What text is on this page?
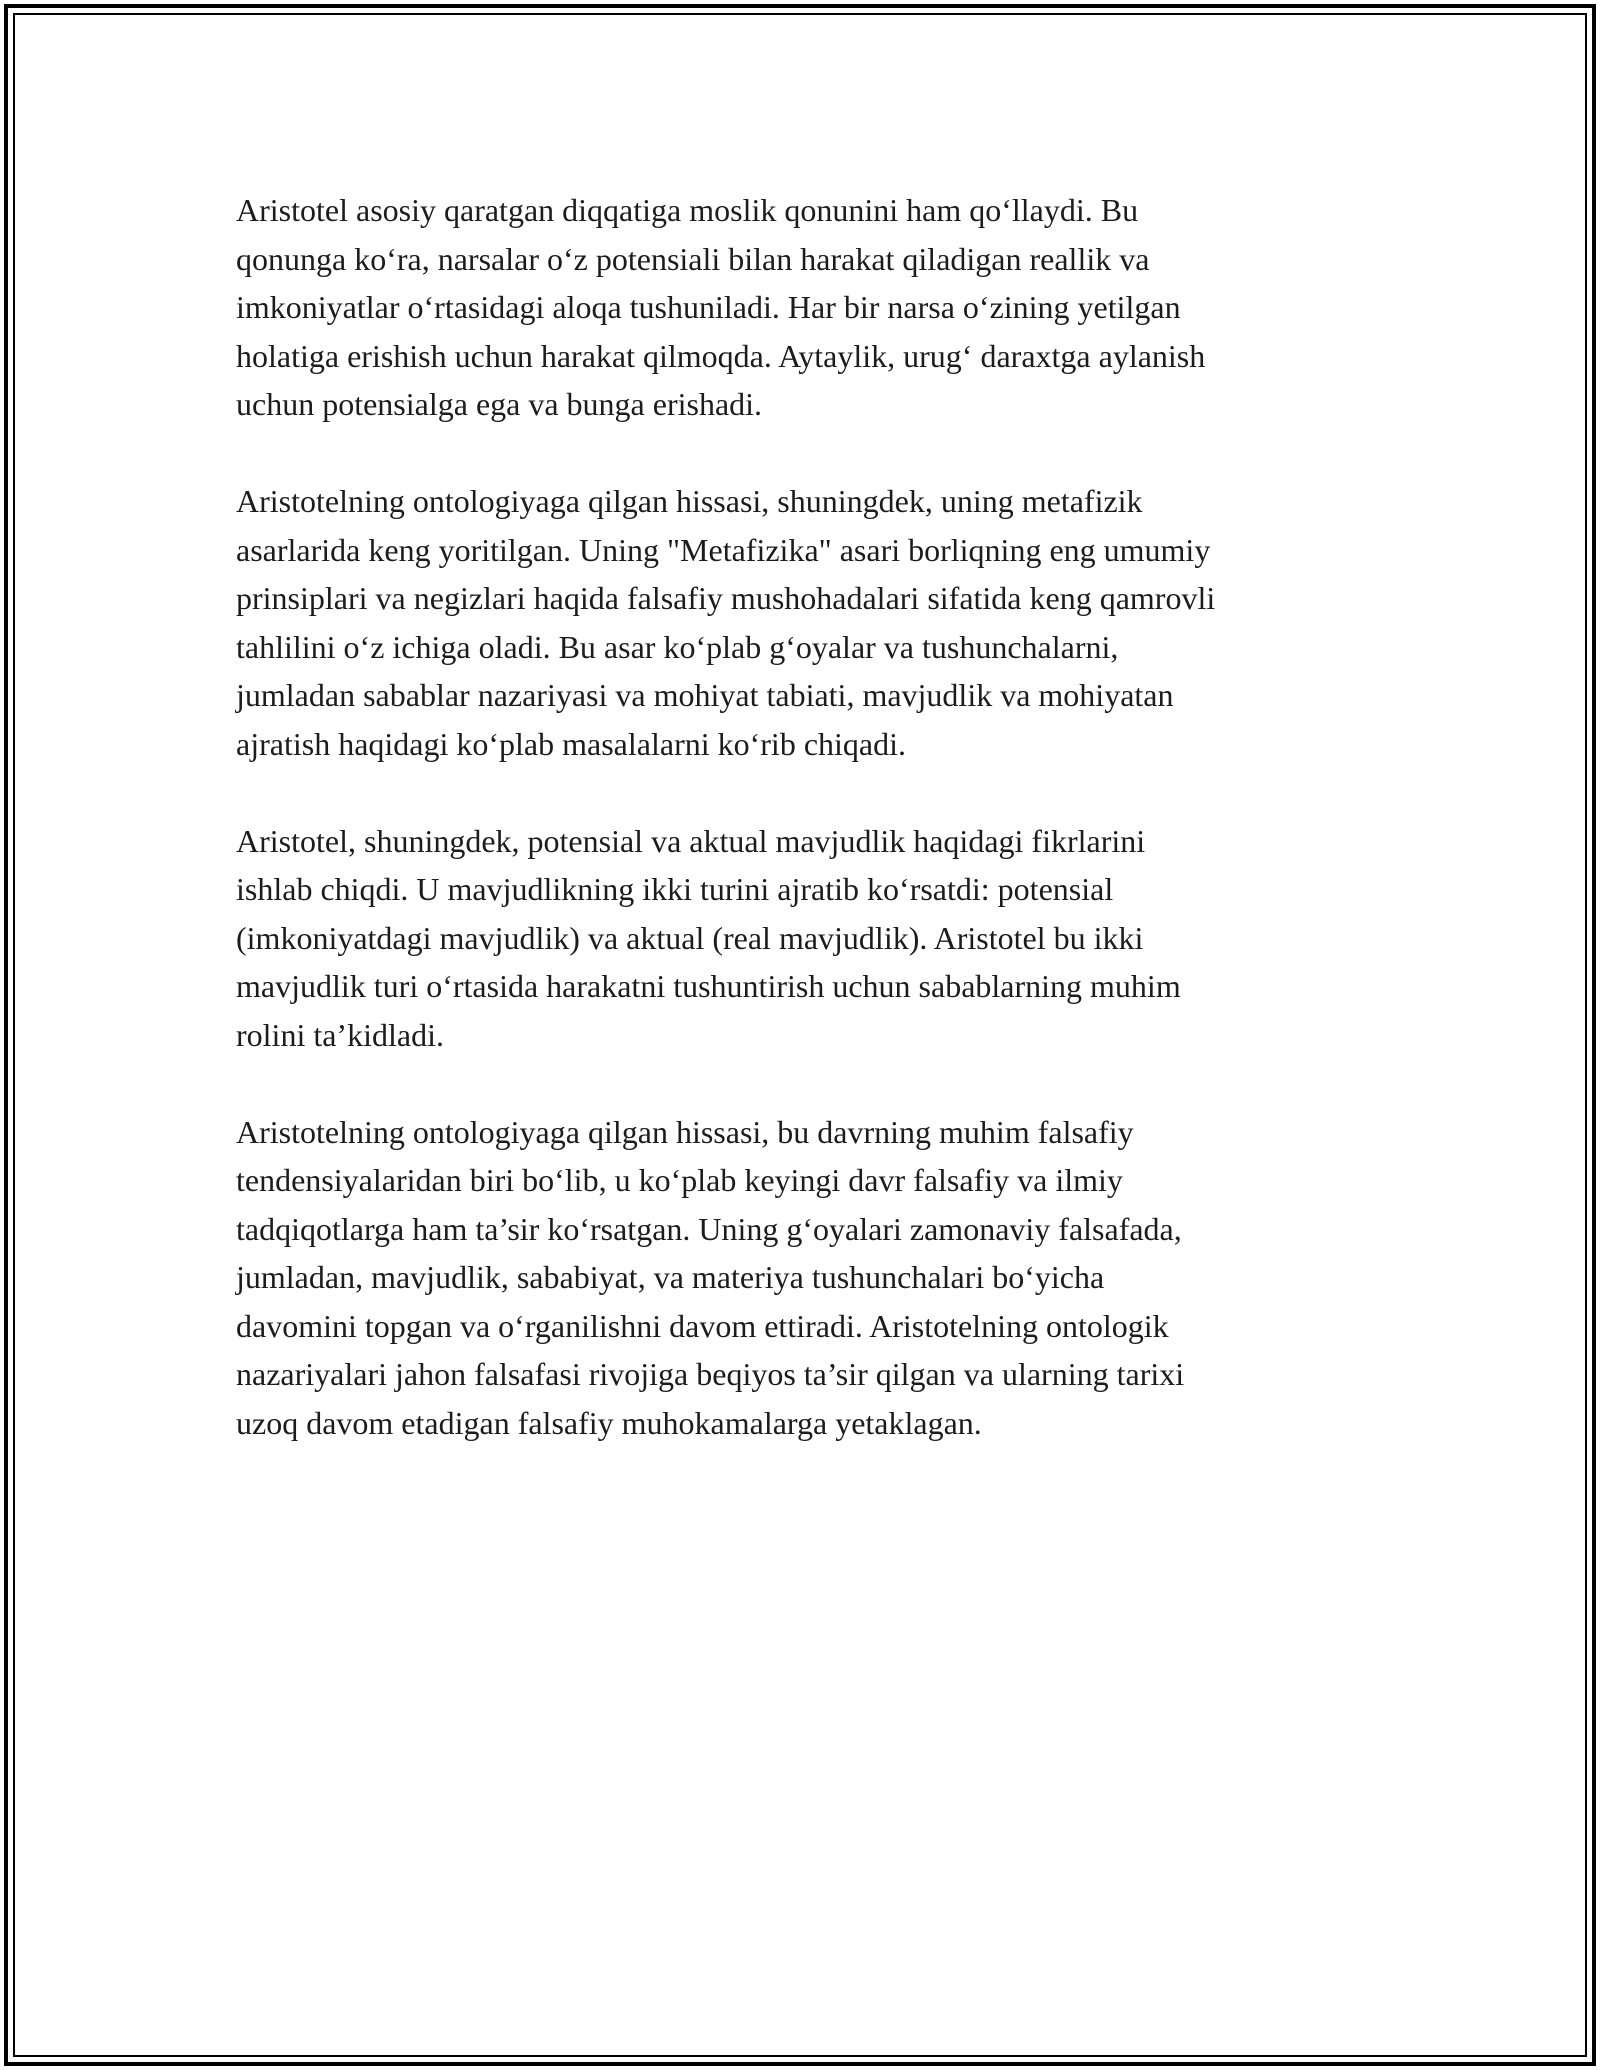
Aristotel asosiy qaratgan diqqatiga moslik qonunini ham qo‘llaydi. Bu
qonunga ko‘ra, narsalar o‘z potensiali bilan harakat qiladigan reallik va
imkoniyatlar o‘rtasidagi aloqa tushuniladi. Har bir narsa o‘zining yetilgan
holatiga erishish uchun harakat qilmoqda. Aytaylik, urug‘ daraxtga aylanish
uchun potensialga ega va bunga erishadi.

Aristotelning ontologiyaga qilgan hissasi, shuningdek, uning metafizik
asarlarida keng yoritilgan. Uning "Metafizika" asari borliqning eng umumiy
prinsiplari va negizlari haqida falsafiy mushohadalari sifatida keng qamrovli
tahlilini o‘z ichiga oladi. Bu asar ko‘plab g‘oyalar va tushunchalarni,
jumladan sabablar nazariyasi va mohiyat tabiati, mavjudlik va mohiyatan
ajratish haqidagi ko‘plab masalalarni ko‘rib chiqadi.

Aristotel, shuningdek, potensial va aktual mavjudlik haqidagi fikrlarini
ishlab chiqdi. U mavjudlikning ikki turini ajratib ko‘rsatdi: potensial
(imkoniyatdagi mavjudlik) va aktual (real mavjudlik). Aristotel bu ikki
mavjudlik turi o‘rtasida harakatni tushuntirish uchun sabablarning muhim
rolini ta’kidladi.

Aristotelning ontologiyaga qilgan hissasi, bu davrning muhim falsafiy
tendensiyalaridan biri bo‘lib, u ko‘plab keyingi davr falsafiy va ilmiy
tadqiqotlarga ham ta’sir ko‘rsatgan. Uning g‘oyalari zamonaviy falsafada,
jumladan, mavjudlik, sababiyat, va materiya tushunchalari bo‘yicha
davomini topgan va o‘rganilishni davom ettiradi. Aristotelning ontologik
nazariyalari jahon falsafasi rivojiga beqiyos ta’sir qilgan va ularning tarixi
uzoq davom etadigan falsafiy muhokamalarga yetaklagan.
